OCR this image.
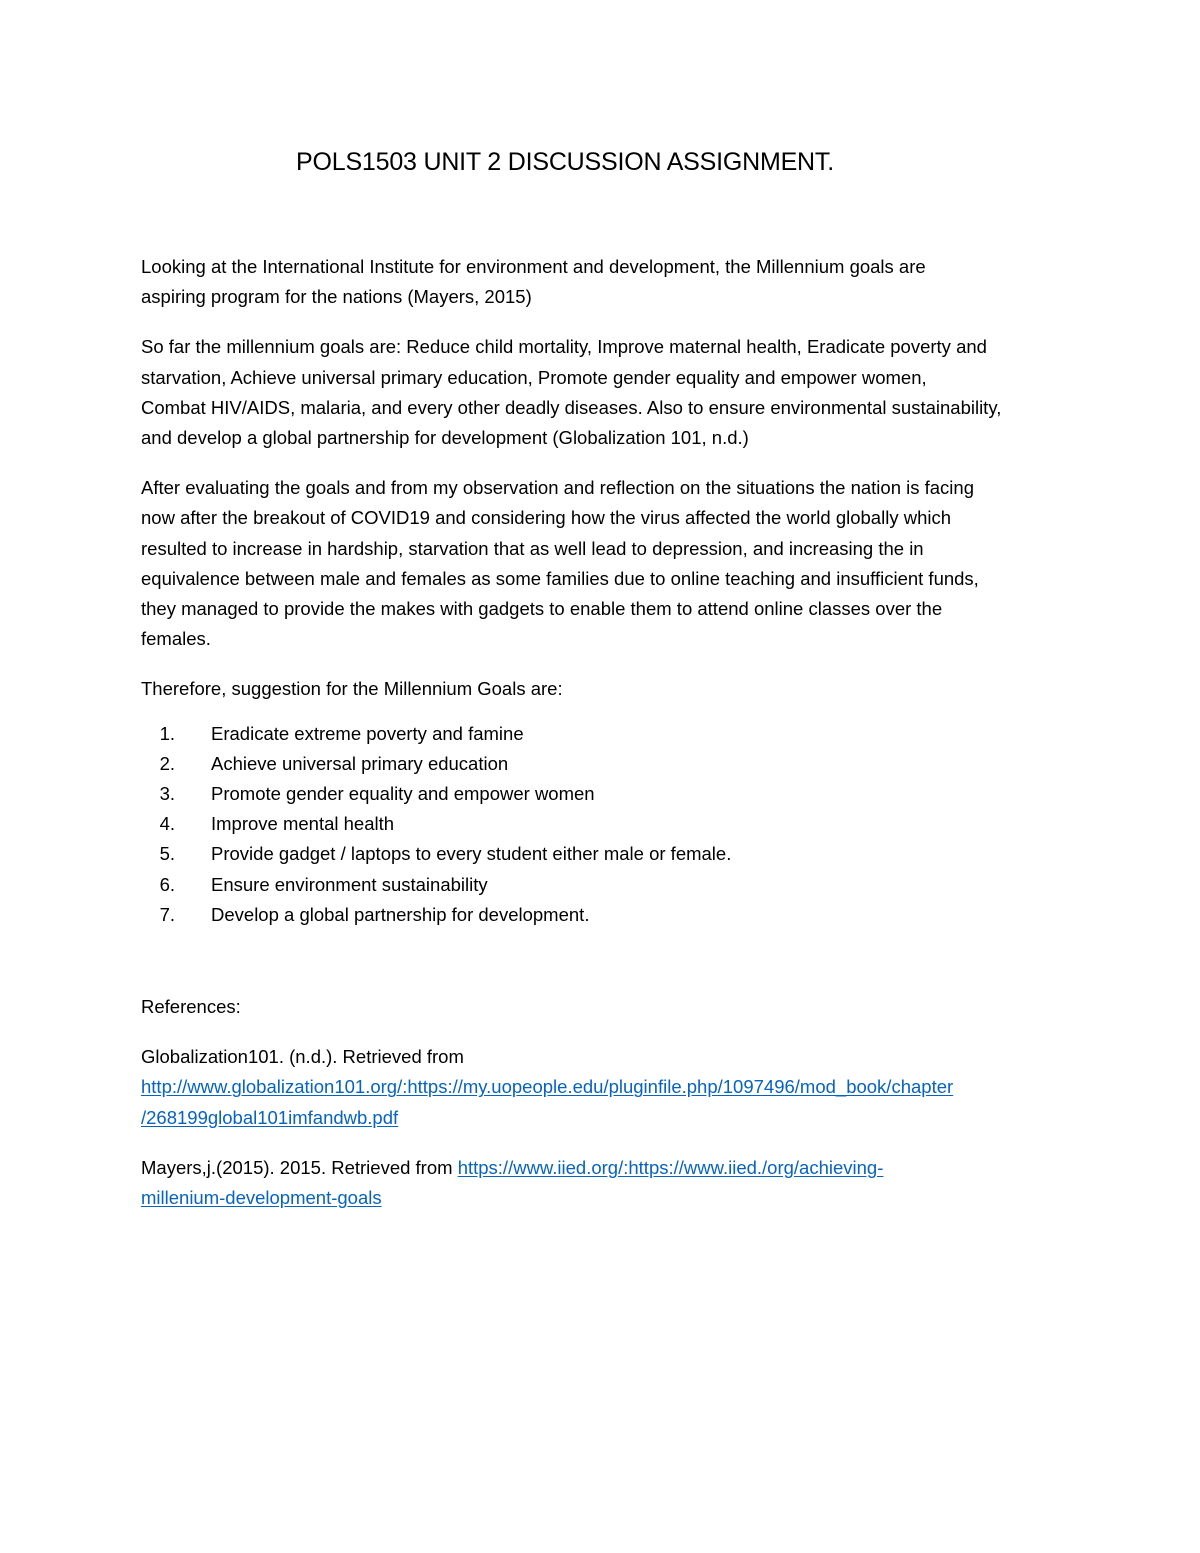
POLS1503 UNIT 2 DISCUSSION ASSIGNMENT.

Looking at the International Institute for environment and development, the Millennium goals are
aspiring program for the nations (Mayers, 2015)

So far the millennium goals are: Reduce child mortality, Improve maternal health, Eradicate poverty and
starvation, Achieve universal primary education, Promote gender equality and empower women,
Combat HIV/AIDS, malaria, and every other deadly diseases. Also to ensure environmental sustainability,
and develop a global partnership for development (Globalization 101, n.d.)

After evaluating the goals and from my observation and reflection on the situations the nation is facing
now after the breakout of COVID19 and considering how the virus affected the world globally which
resulted to increase in hardship, starvation that as well lead to depression, and increasing the in
equivalence between male and females as some families due to online teaching and insufficient funds,
they managed to provide the makes with gadgets to enable them to attend online classes over the
females.

Therefore, suggestion for the Millennium Goals are:

1.	Eradicate extreme poverty and famine
2.	Achieve universal primary education
3.	Promote gender equality and empower women
4.	Improve mental health
5.	Provide gadget / laptops to every student either male or female.
6.	Ensure environment sustainability
7.	Develop a global partnership for development.

References:

Globalization101. (n.d.). Retrieved from
http://www.globalization101.org/:https://my.uopeople.edu/pluginfile.php/1097496/mod_book/chapter
/268199global101imfandwb.pdf

Mayers,j.(2015). 2015. Retrieved from https://www.iied.org/:https://www.iied./org/achieving-
millenium-development-goals
